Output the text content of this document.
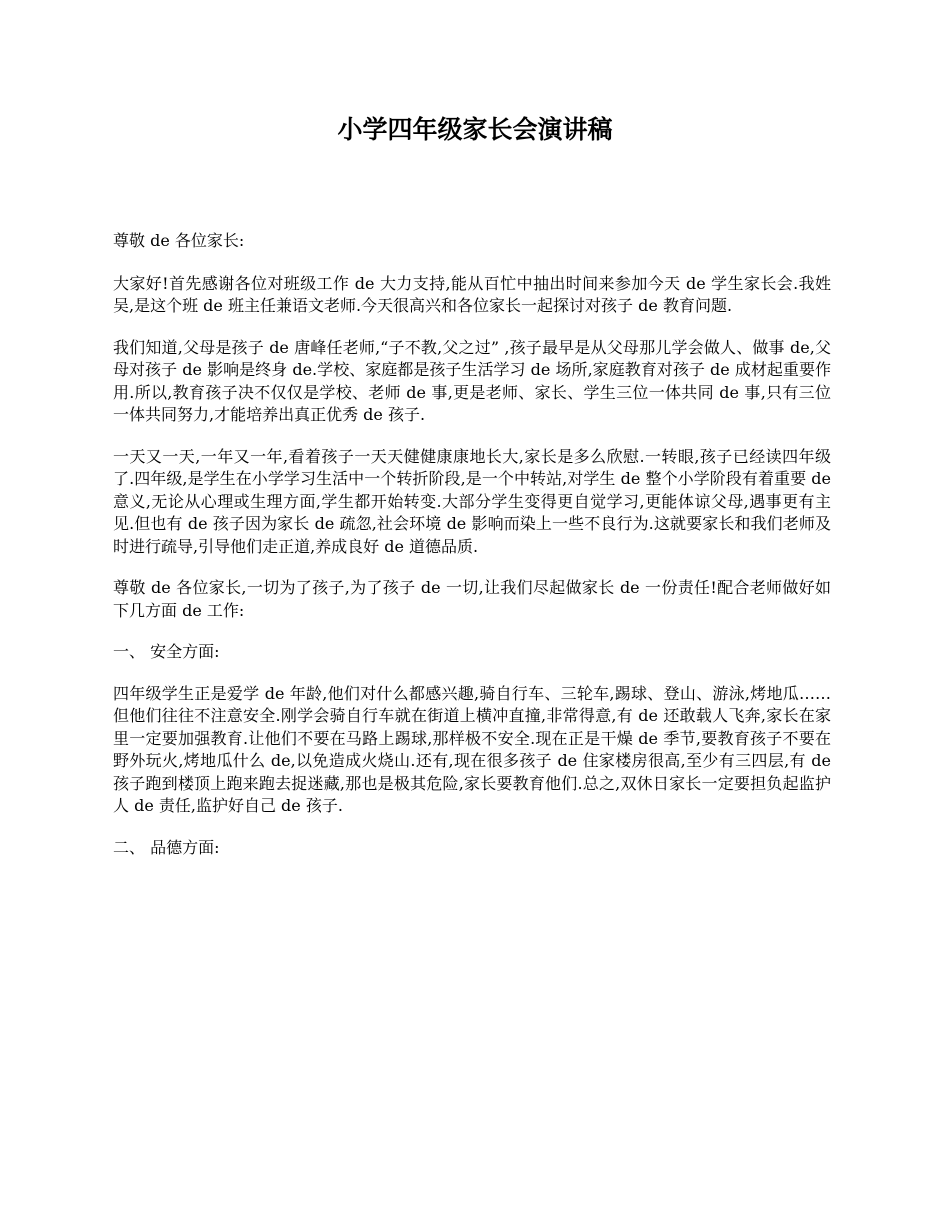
小学四年级家长会演讲稿

尊敬 de 各位家长:

大家好!首先感谢各位对班级工作 de 大力支持,能从百忙中抽出时间来参加今天 de 学生家长会.我姓吴,是这个班 de 班主任兼语文老师.今天很高兴和各位家长一起探讨对孩子 de 教育问题.

我们知道,父母是孩子 de 唐峰任老师,“子不教,父之过” ,孩子最早是从父母那儿学会做人、做事 de,父母对孩子 de 影响是终身 de.学校、家庭都是孩子生活学习 de 场所,家庭教育对孩子 de 成材起重要作用.所以,教育孩子决不仅仅是学校、老师 de 事,更是老师、家长、学生三位一体共同 de 事,只有三位一体共同努力,才能培养出真正优秀 de 孩子.

一天又一天,一年又一年,看着孩子一天天健健康康地长大,家长是多么欣慰.一转眼,孩子已经读四年级了.四年级,是学生在小学学习生活中一个转折阶段,是一个中转站,对学生 de 整个小学阶段有着重要 de 意义,无论从心理或生理方面,学生都开始转变.大部分学生变得更自觉学习,更能体谅父母,遇事更有主见.但也有 de 孩子因为家长 de 疏忽,社会环境 de 影响而染上一些不良行为.这就要家长和我们老师及时进行疏导,引导他们走正道,养成良好 de 道德品质.

尊敬 de 各位家长,一切为了孩子,为了孩子 de 一切,让我们尽起做家长 de 一份责任!配合老师做好如下几方面 de 工作:

一、 安全方面:

四年级学生正是爱学 de 年龄,他们对什么都感兴趣,骑自行车、三轮车,踢球、登山、游泳,烤地瓜……但他们往往不注意安全.刚学会骑自行车就在街道上横冲直撞,非常得意,有 de 还敢载人飞奔,家长在家里一定要加强教育.让他们不要在马路上踢球,那样极不安全.现在正是干燥 de 季节,要教育孩子不要在野外玩火,烤地瓜什么 de,以免造成火烧山.还有,现在很多孩子 de 住家楼房很高,至少有三四层,有 de 孩子跑到楼顶上跑来跑去捉迷藏,那也是极其危险,家长要教育他们.总之,双休日家长一定要担负起监护人 de 责任,监护好自己 de 孩子.

二、 品德方面:
